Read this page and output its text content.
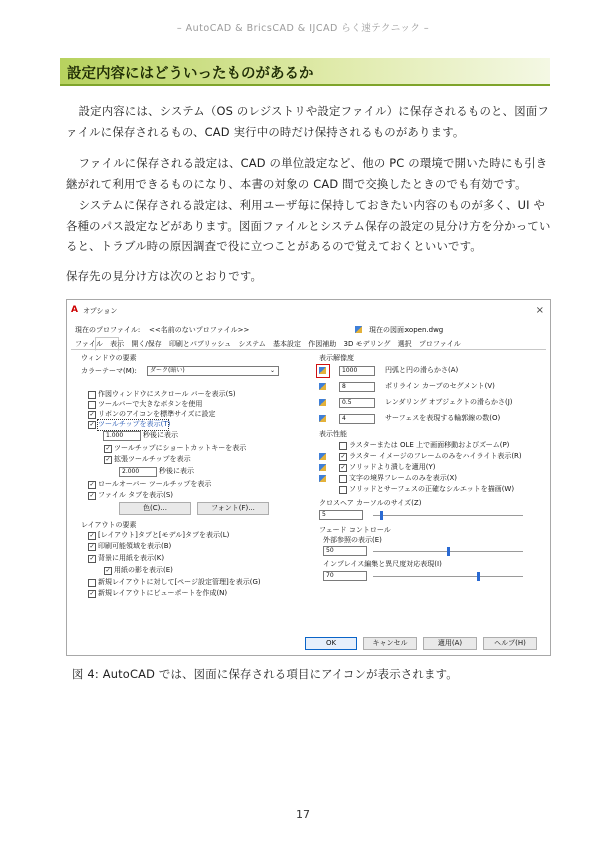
– AutoCAD & BricsCAD & IJCAD らく速テクニック –
設定内容にはどういったものがあるか
設定内容には、システム（OS のレジストリや設定ファイル）に保存されるものと、図面ファイルに保存されるもの、CAD 実行中の時だけ保持されるものがあります。
ファイルに保存される設定は、CAD の単位設定など、他の PC の環境で開いた時にも引き継がれて利用できるものになり、本書の対象の CAD 間で交換したときのでも有効です。
システムに保存される設定は、利用ユーザ毎に保持しておきたい内容のものが多く、UI や各種のパス設定などがあります。図面ファイルとシステム保存の設定の見分け方を分かっていると、トラブル時の原因調査で役に立つことがあるので覚えておくといいです。
保存先の見分け方は次のとおりです。
A オプション	×
現在のプロファイル: <<名前のないプロファイル>>	現在の図面:
xopen.dwg
ファイル 表示 開く/保存 印刷とパブリッシュ システム 基本設定 作図補助 3D モデリング 選択 プロファイル
ウィンドウの要素
カラーテーマ(M):	ダーク(暗い)	⌄
作図ウィンドウにスクロール バーを表示(S)
ツールバーで大きなボタンを使用
✓ リボンのアイコンを標準サイズに設定
✓ ツールチップを表示(T)
1.000	秒後に表示
✓ ツールチップにショートカットキーを表示
✓ 拡張ツールチップを表示
2.000	秒後に表示
✓ ロールオーバー ツールチップを表示
✓ ファイル タブを表示(S)
色(C)...	フォント(F)...
レイアウトの要素
✓ [レイアウト]タブと[モデル]タブを表示(L)
✓ 印刷可能領域を表示(B)
✓ 背景に用紙を表示(K)
✓ 用紙の影を表示(E)
新規レイアウトに対して[ページ設定管理]を表示(G)
✓ 新規レイアウトにビューポートを作成(N)
表示解像度
1000	円弧と円の滑らかさ(A)
8	ポリライン カーブのセグメント(V)
0.5	レンダリング オブジェクトの滑らかさ(J)
4	サーフェスを表現する輪郭線の数(O)
表示性能
ラスターまたは OLE 上で画面移動およびズーム(P)
✓ ラスター イメージのフレームのみをハイライト表示(R)
✓ ソリッドより潰しを適用(Y)
文字の境界フレームのみを表示(X)
ソリッドとサーフェスの正確なシルエットを描画(W)
クロスヘア カーソルのサイズ(Z)
5
フェード コントロール
外部参照の表示(E)
50
インプレイス編集と異尺度対応表現(I)
70
OK	キャンセル	適用(A)	ヘルプ(H)
図 4: AutoCAD では、図面に保存される項目にアイコンが表示されます。
17
